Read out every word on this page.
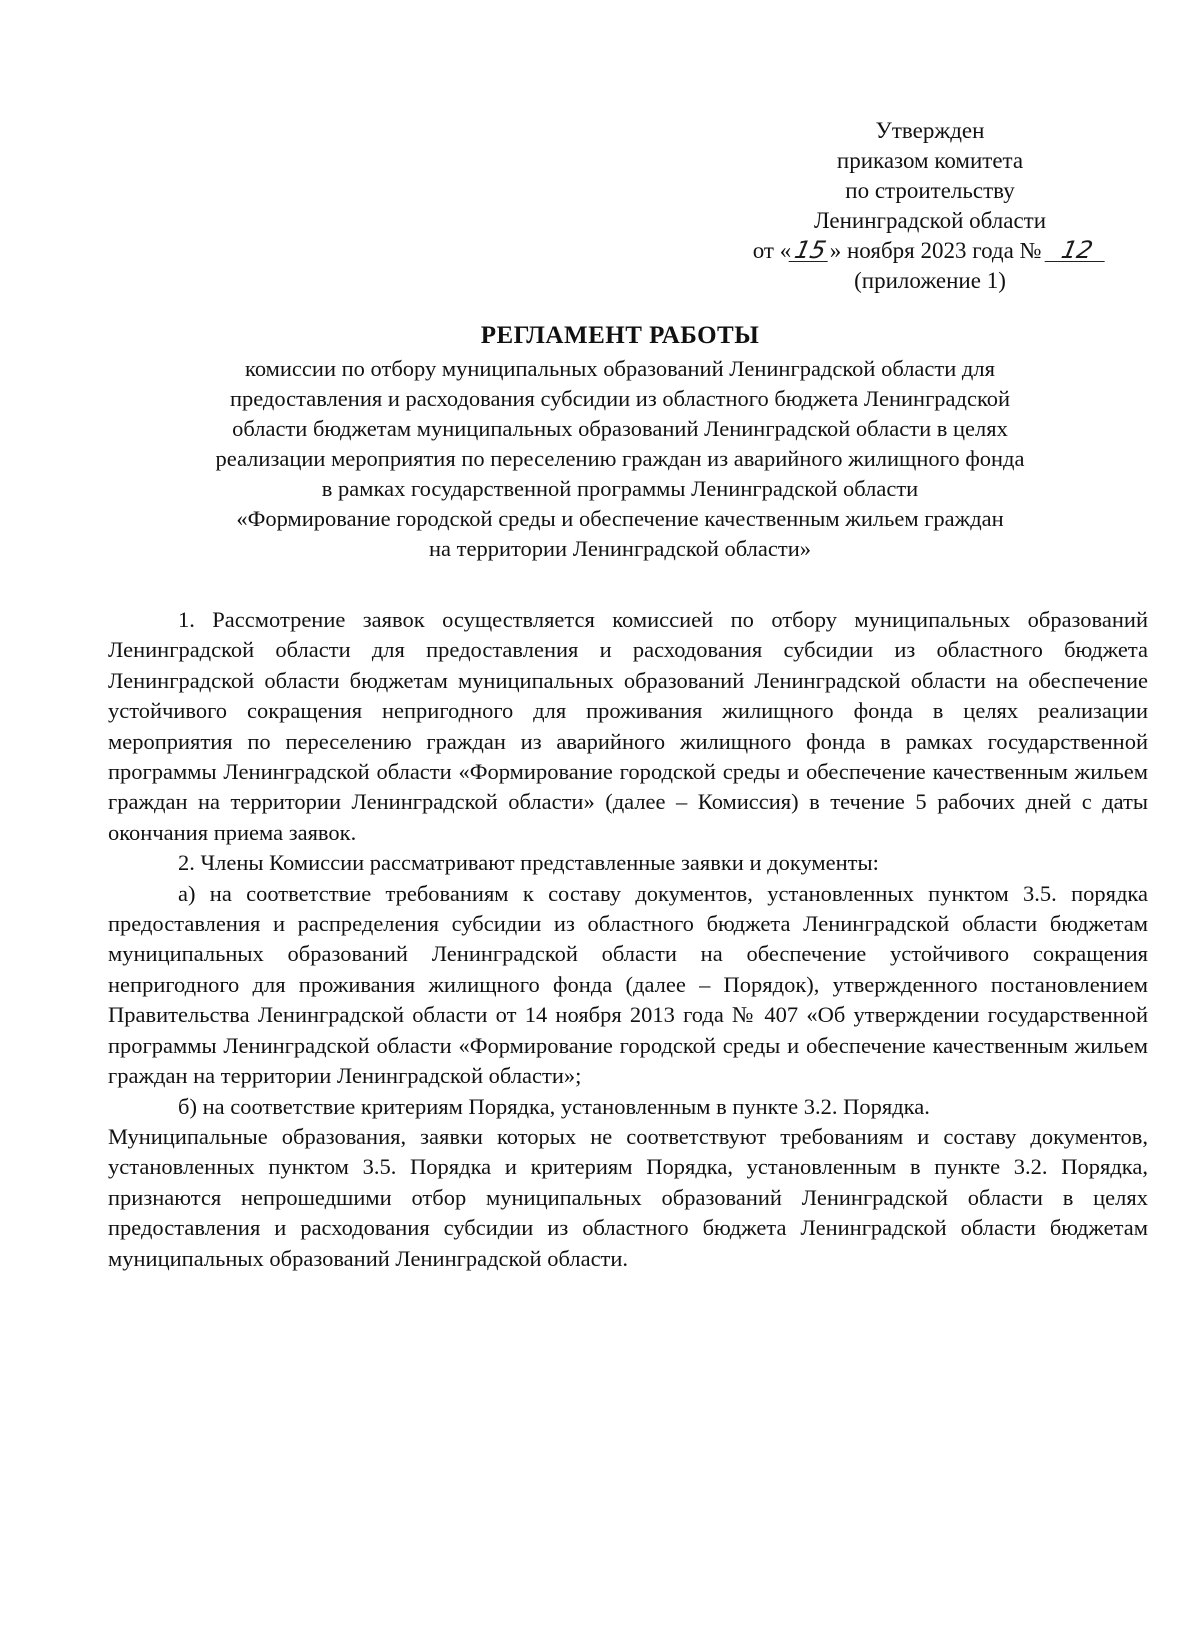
Утвержден
приказом комитета
по строительству
Ленинградской области
от «15» ноября 2023 года № 12
(приложение 1)
РЕГЛАМЕНТ РАБОТЫ
комиссии по отбору муниципальных образований Ленинградской области для
предоставления и расходования субсидии из областного бюджета Ленинградской
области бюджетам муниципальных образований Ленинградской области в целях
реализации мероприятия по переселению граждан из аварийного жилищного фонда
в рамках государственной программы Ленинградской области
«Формирование городской среды и обеспечение качественным жильем граждан
на территории Ленинградской области»

1. Рассмотрение заявок осуществляется комиссией по отбору муниципальных образований Ленинградской области для предоставления и расходования субсидии из областного бюджета Ленинградской области бюджетам муниципальных образований Ленинградской области на обеспечение устойчивого сокращения непригодного для проживания жилищного фонда в целях реализации мероприятия по переселению граждан из аварийного жилищного фонда в рамках государственной программы Ленинградской области «Формирование городской среды и обеспечение качественным жильем граждан на территории Ленинградской области» (далее – Комиссия) в течение 5 рабочих дней с даты окончания приема заявок.

2. Члены Комиссии рассматривают представленные заявки и документы:

а) на соответствие требованиям к составу документов, установленных пунктом 3.5. порядка предоставления и распределения субсидии из областного бюджета Ленинградской области бюджетам муниципальных образований Ленинградской области на обеспечение устойчивого сокращения непригодного для проживания жилищного фонда (далее – Порядок), утвержденного постановлением Правительства Ленинградской области от 14 ноября 2013 года № 407 «Об утверждении государственной программы Ленинградской области «Формирование городской среды и обеспечение качественным жильем граждан на территории Ленинградской области»;

б) на соответствие критериям Порядка, установленным в пункте 3.2. Порядка.

Муниципальные образования, заявки которых не соответствуют требованиям и составу документов, установленных пунктом 3.5. Порядка и критериям Порядка, установленным в пункте 3.2. Порядка, признаются непрошедшими отбор муниципальных образований Ленинградской области в целях предоставления и расходования субсидии из областного бюджета Ленинградской области бюджетам муниципальных образований Ленинградской области.
